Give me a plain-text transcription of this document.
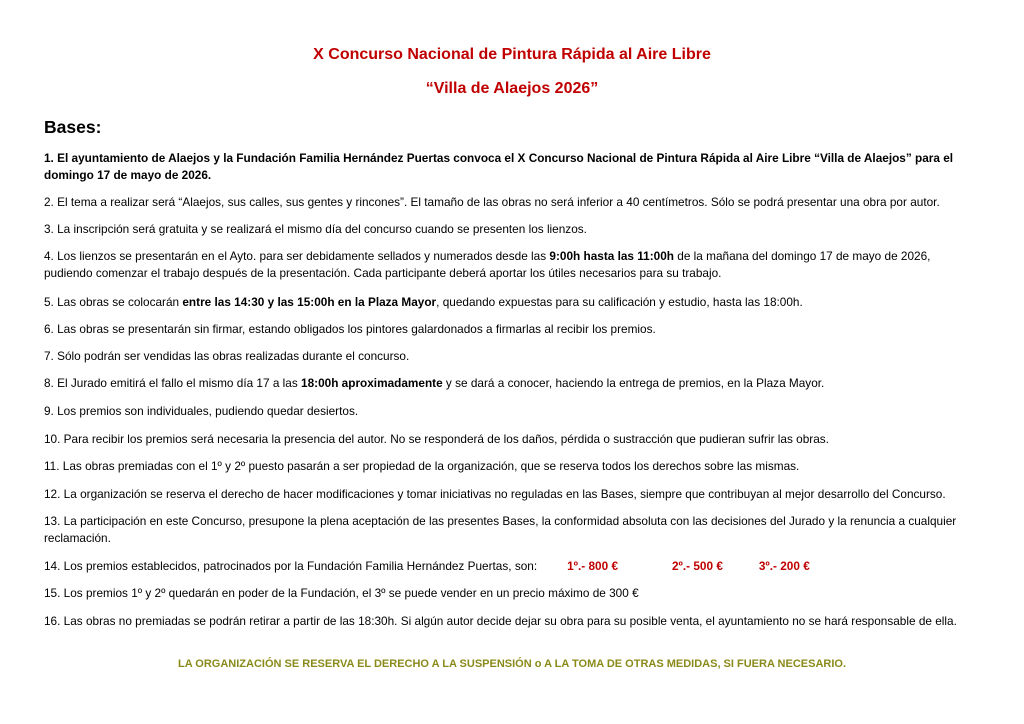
X Concurso Nacional de Pintura Rápida al Aire Libre
“Villa de Alaejos 2026”
Bases:
1. El ayuntamiento de Alaejos y la Fundación Familia Hernández Puertas convoca el X Concurso Nacional de Pintura Rápida al Aire Libre “Villa de Alaejos” para el domingo 17 de mayo de 2026.
2. El tema a realizar será “Alaejos, sus calles, sus gentes y rincones”. El tamaño de las obras no será inferior a 40 centímetros. Sólo se podrá presentar una obra por autor.
3. La inscripción será gratuita y se realizará el mismo día del concurso cuando se presenten los lienzos.
4. Los lienzos se presentarán en el Ayto. para ser debidamente sellados y numerados desde las 9:00h hasta las 11:00h de la mañana del domingo 17 de mayo de 2026, pudiendo comenzar el trabajo después de la presentación. Cada participante deberá aportar los útiles necesarios para su trabajo.
5. Las obras se colocarán entre las 14:30 y las 15:00h en la Plaza Mayor, quedando expuestas para su calificación y estudio, hasta las 18:00h.
6. Las obras se presentarán sin firmar, estando obligados los pintores galardonados a firmarlas al recibir los premios.
7. Sólo podrán ser vendidas las obras realizadas durante el concurso.
8. El Jurado emitirá el fallo el mismo día 17 a las 18:00h aproximadamente y se dará a conocer, haciendo la entrega de premios, en la Plaza Mayor.
9. Los premios son individuales, pudiendo quedar desiertos.
10. Para recibir los premios será necesaria la presencia del autor. No se responderá de los daños, pérdida o sustracción que pudieran sufrir las obras.
11. Las obras premiadas con el 1º y 2º puesto pasarán a ser propiedad de la organización, que se reserva todos los derechos sobre las mismas.
12. La organización se reserva el derecho de hacer modificaciones y tomar iniciativas no reguladas en las Bases, siempre que contribuyan al mejor desarrollo del Concurso.
13. La participación en este Concurso, presupone la plena aceptación de las presentes Bases, la conformidad absoluta con las decisiones del Jurado y la renuncia a cualquier reclamación.
14. Los premios establecidos, patrocinados por la Fundación Familia Hernández Puertas, son:	1º.- 800 €	2º.- 500 €	3º.- 200 €
15. Los premios 1º y 2º quedarán en poder de la Fundación, el 3º se puede vender en un precio máximo de 300 €
16. Las obras no premiadas se podrán retirar a partir de las 18:30h. Si algún autor decide dejar su obra para su posible venta, el ayuntamiento no se hará responsable de ella.
LA ORGANIZACIÓN SE RESERVA EL DERECHO A LA SUSPENSIÓN o A LA TOMA DE OTRAS MEDIDAS, SI FUERA NECESARIO.
